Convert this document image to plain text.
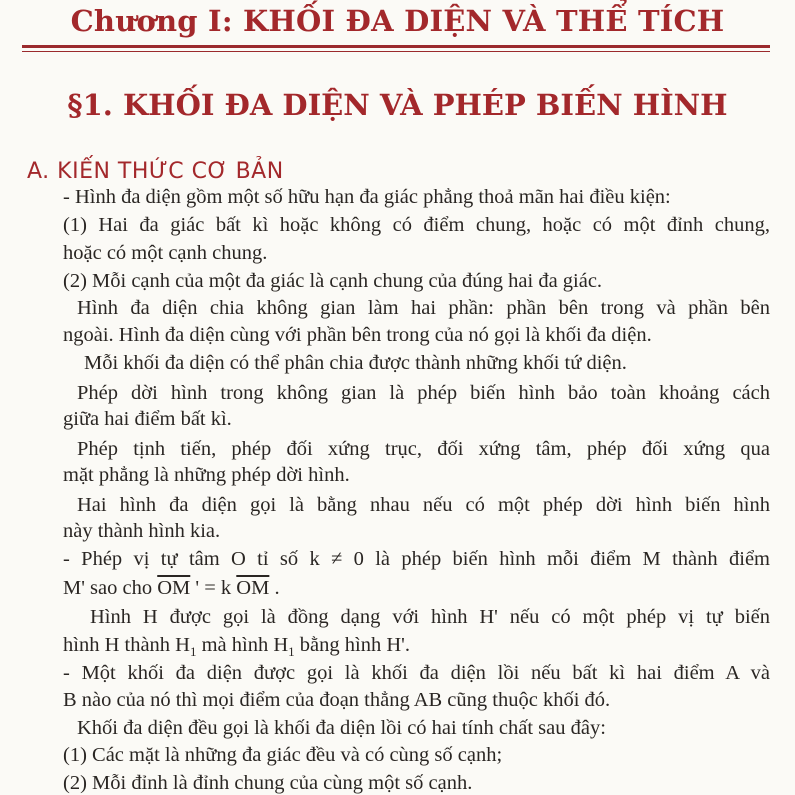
Chương I: KHỐI ĐA DIỆN VÀ THỂ TÍCH
§1. KHỐI ĐA DIỆN VÀ PHÉP BIẾN HÌNH
A. KIẾN THỨC CƠ BẢN
- Hình đa diện gồm một số hữu hạn đa giác phẳng thoả mãn hai điều kiện:
(1) Hai đa giác bất kì hoặc không có điểm chung, hoặc có một đỉnh chung,
hoặc có một cạnh chung.
(2) Mỗi cạnh của một đa giác là cạnh chung của đúng hai đa giác.
Hình đa diện chia không gian làm hai phần: phần bên trong và phần bên
ngoài. Hình đa diện cùng với phần bên trong của nó gọi là khối đa diện.
Mỗi khối đa diện có thể phân chia được thành những khối tứ diện.
Phép dời hình trong không gian là phép biến hình bảo toàn khoảng cách
giữa hai điểm bất kì.
Phép tịnh tiến, phép đối xứng trục, đối xứng tâm, phép đối xứng qua
mặt phẳng là những phép dời hình.
Hai hình đa diện gọi là bằng nhau nếu có một phép dời hình biến hình
này thành hình kia.
- Phép vị tự tâm O tỉ số k ≠ 0 là phép biến hình mỗi điểm M thành điểm
M' sao cho $\overline{OM}$ ' = k $\overline{OM}$ .
Hình H được gọi là đồng dạng với hình H' nếu có một phép vị tự biến
hình H thành $H_1$ mà hình $H_1$ bằng hình H'.
- Một khối đa diện được gọi là khối đa diện lồi nếu bất kì hai điểm A và
B nào của nó thì mọi điểm của đoạn thẳng AB cũng thuộc khối đó.
Khối đa diện đều gọi là khối đa diện lồi có hai tính chất sau đây:
(1) Các mặt là những đa giác đều và có cùng số cạnh;
(2) Mỗi đỉnh là đỉnh chung của cùng một số cạnh.
